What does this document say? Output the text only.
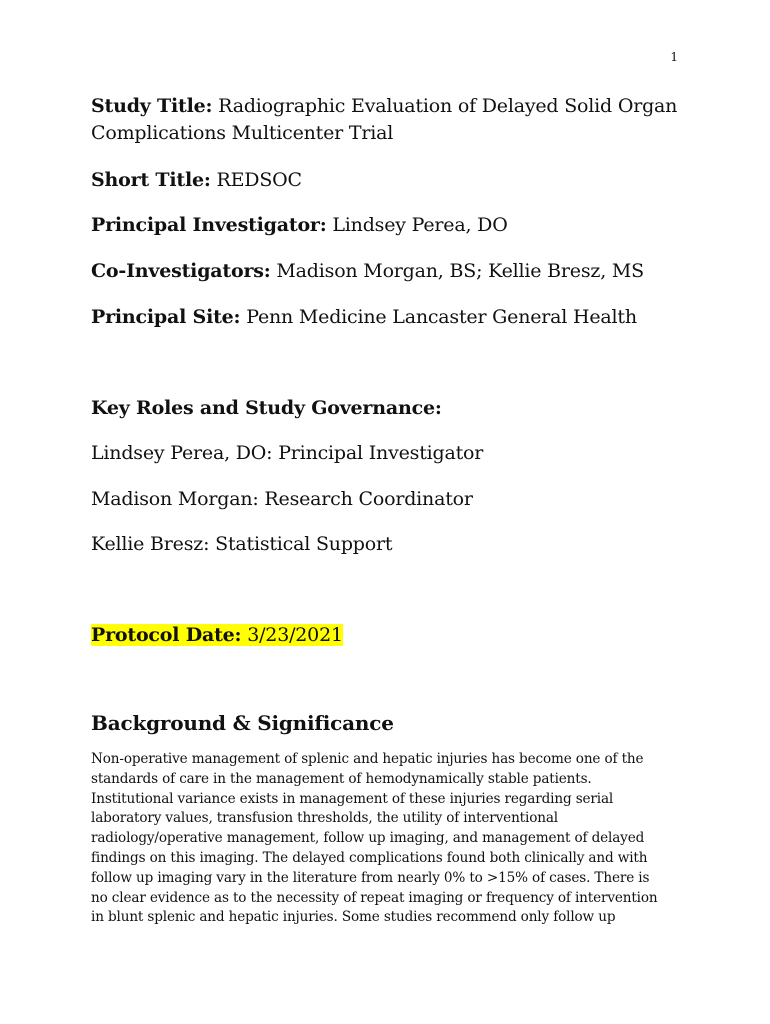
1
Study Title: Radiographic Evaluation of Delayed Solid Organ Complications Multicenter Trial
Short Title: REDSOC
Principal Investigator: Lindsey Perea, DO
Co-Investigators: Madison Morgan, BS; Kellie Bresz, MS
Principal Site: Penn Medicine Lancaster General Health
Key Roles and Study Governance:
Lindsey Perea, DO: Principal Investigator
Madison Morgan: Research Coordinator
Kellie Bresz: Statistical Support
Protocol Date: 3/23/2021
Background & Significance
Non-operative management of splenic and hepatic injuries has become one of the
standards of care in the management of hemodynamically stable patients.
Institutional variance exists in management of these injuries regarding serial
laboratory values, transfusion thresholds, the utility of interventional
radiology/operative management, follow up imaging, and management of delayed
findings on this imaging. The delayed complications found both clinically and with
follow up imaging vary in the literature from nearly 0% to >15% of cases. There is
no clear evidence as to the necessity of repeat imaging or frequency of intervention
in blunt splenic and hepatic injuries. Some studies recommend only follow up
